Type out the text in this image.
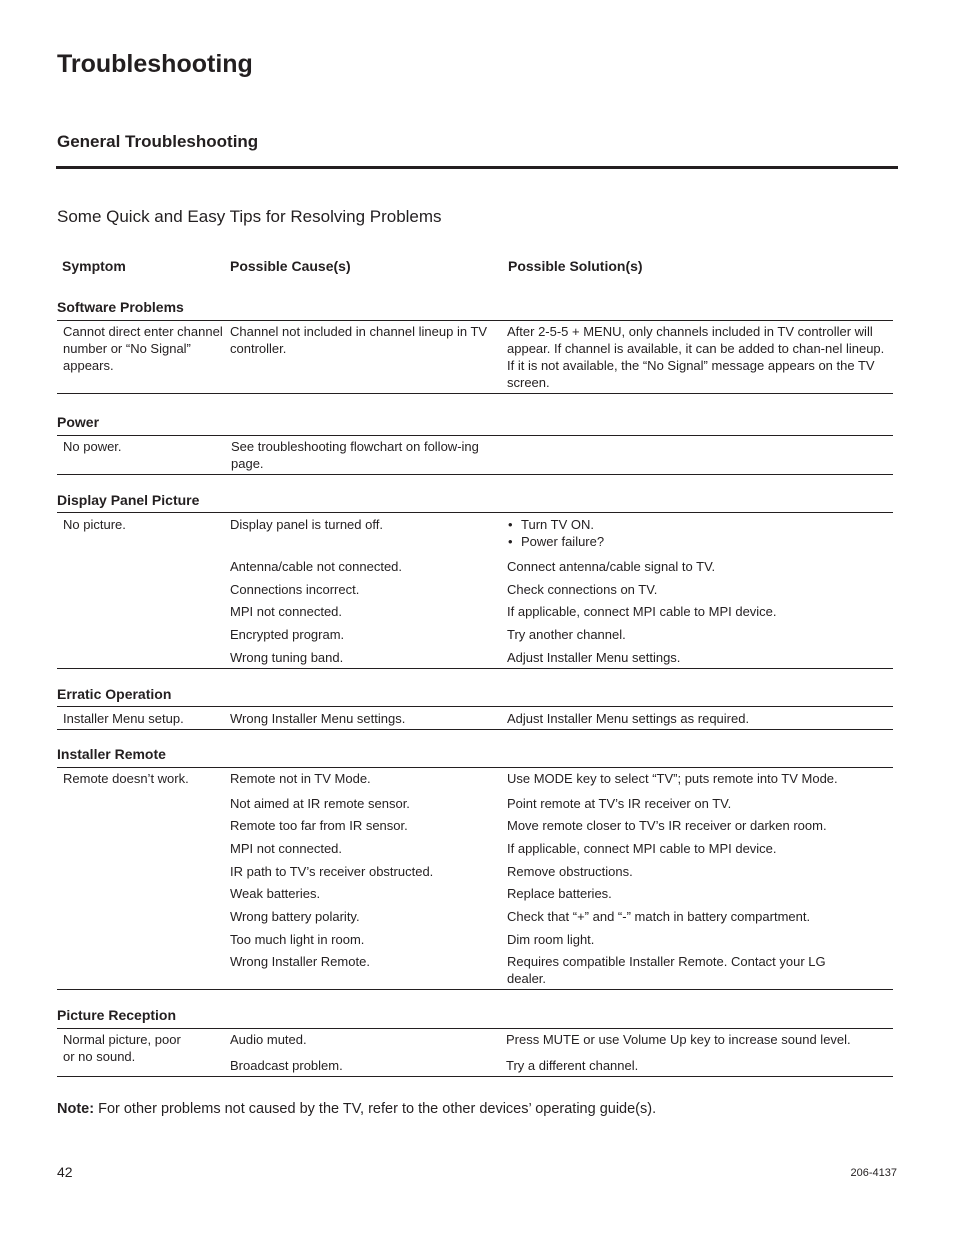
Troubleshooting
General Troubleshooting
Some Quick and Easy Tips for Resolving Problems
Symptom	Possible Cause(s)	Possible Solution(s)
Software Problems
Cannot direct enter channel number or “No Signal” appears.
Channel not included in channel lineup in TV controller.
After 2-5-5 + MENU, only channels included in TV controller will appear. If channel is available, it can be added to chan-nel lineup. If it is not available, the “No Signal” message appears on the TV screen.
Power
No power.	See troubleshooting flowchart on follow-ing page.
Display Panel Picture
No picture.	Display panel is turned off.
•	Turn TV ON.
• Power failure?
Antenna/cable not connected.	Connect antenna/cable signal to TV.
Connections incorrect.	Check connections on TV.
MPI not connected.	If applicable, connect MPI cable to MPI device.
Encrypted program.	Try another channel.
Wrong tuning band.	Adjust Installer Menu settings.
Erratic Operation
Installer Menu setup.	Wrong Installer Menu settings.	Adjust Installer Menu settings as required.
Installer Remote
Remote doesn’t work.	Remote not in TV Mode.	Use MODE key to select “TV”; puts remote into TV Mode.
Not aimed at IR remote sensor.	Point remote at TV’s IR receiver on TV.
Remote too far from IR sensor.	Move remote closer to TV’s IR receiver or darken room.
MPI not connected.	If applicable, connect MPI cable to MPI device.
IR path to TV’s receiver obstructed.	Remove obstructions.
Weak batteries.	Replace batteries.
Wrong battery polarity.	Check that “+” and “-” match in battery compartment.
Too much light in room.	Dim room light.
Wrong Installer Remote.	Requires compatible Installer Remote. Contact your LG dealer.
Picture Reception
Normal picture, poor or no sound.
Audio muted.	Press MUTE or use Volume Up key to increase sound level.
Broadcast problem.	Try a different channel.
Note: For other problems not caused by the TV, refer to the other devices’ operating guide(s).
42	206-4137
